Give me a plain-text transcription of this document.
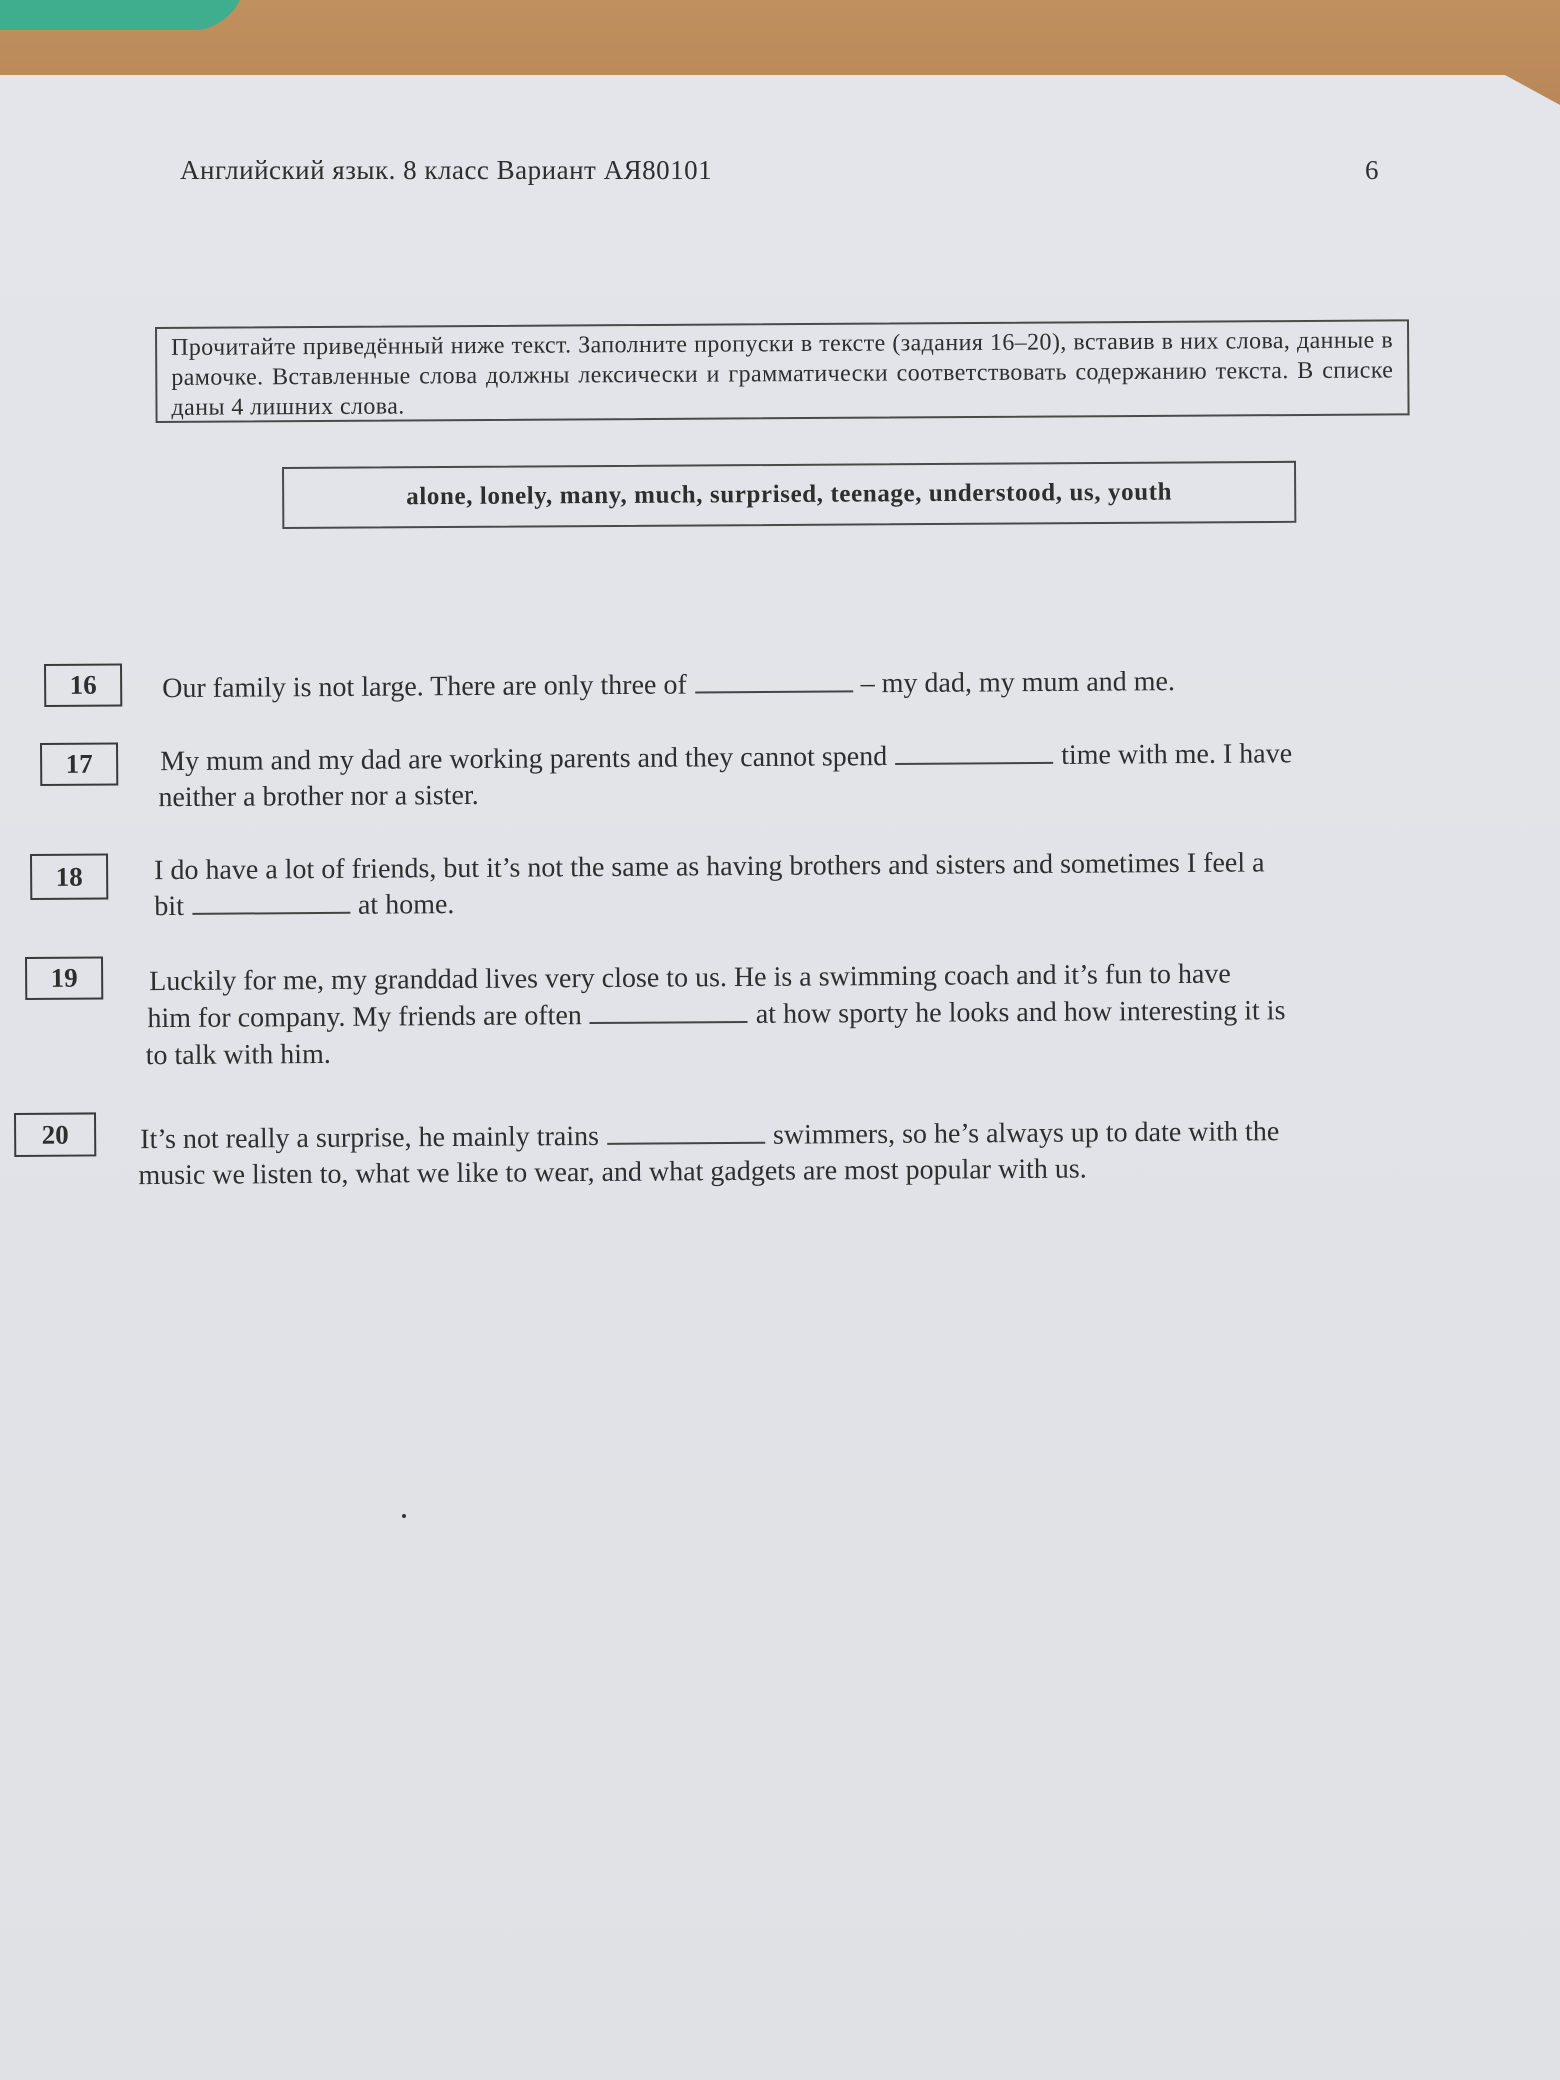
Английский язык. 8 класс Вариант АЯ80101	6
Прочитайте приведённый ниже текст. Заполните пропуски в тексте (задания 16–20), вставив в них слова, данные в рамочке. Вставленные слова должны лексически и грамматически соответствовать содержанию текста. В списке даны 4 лишних слова.
alone, lonely, many, much, surprised, teenage, understood, us, youth
16	Our family is not large. There are only three of	– my dad, my mum and me.
17	My mum and my dad are working parents and they cannot spend	time with me. I have
neither a brother nor a sister.
18	I do have a lot of friends, but it’s not the same as having brothers and sisters and sometimes I feel a
bit	at home.
19	Luckily for me, my granddad lives very close to us. He is a swimming coach and it’s fun to have
him for company. My friends are often	at how sporty he looks and how interesting it is
to talk with him.
20	It’s not really a surprise, he mainly trains	swimmers, so he’s always up to date with the
music we listen to, what we like to wear, and what gadgets are most popular with us.
